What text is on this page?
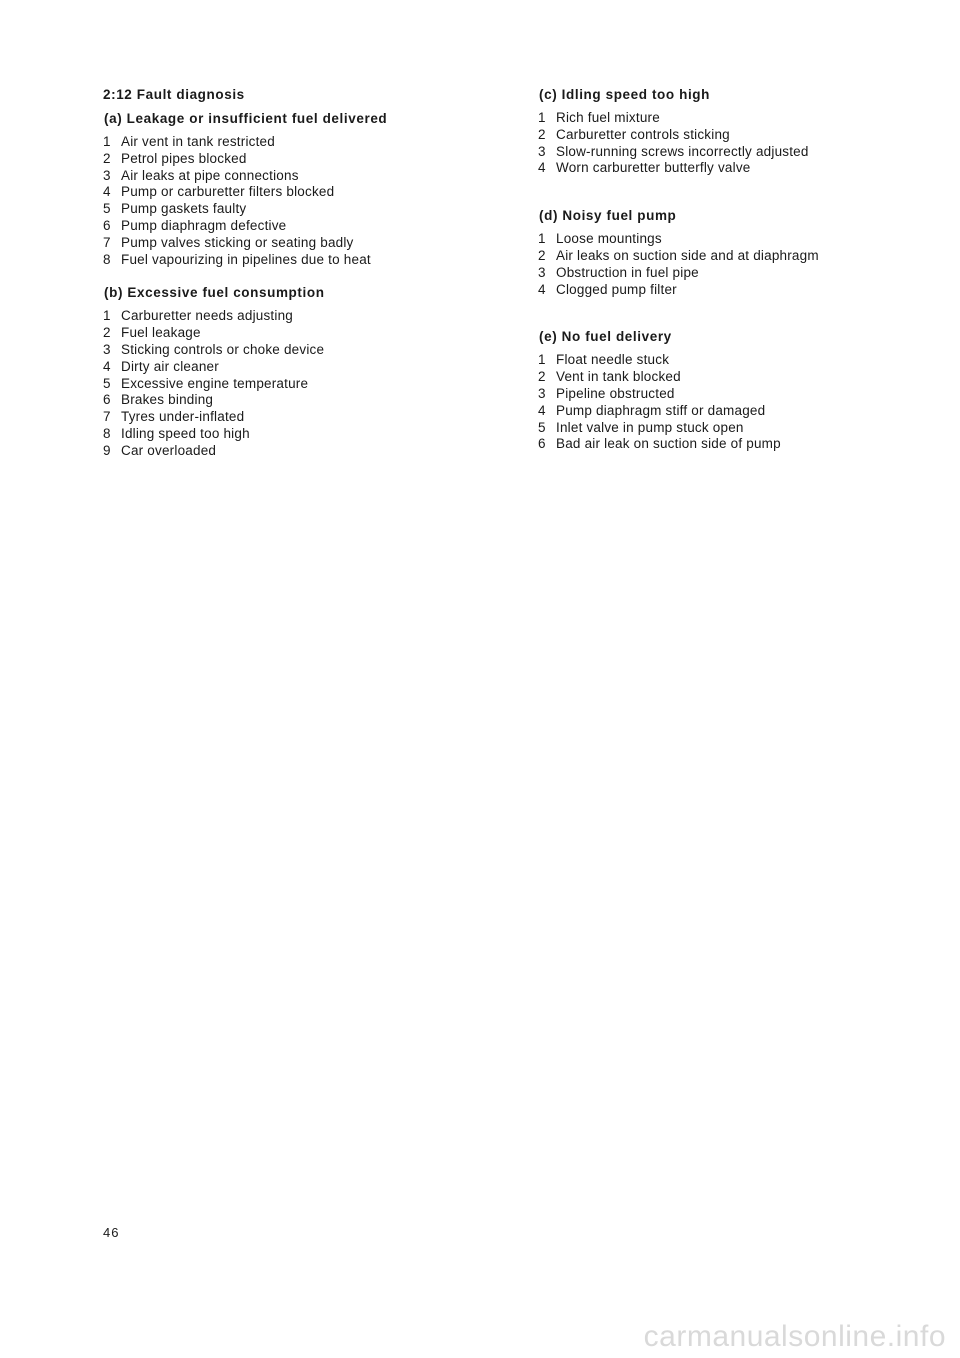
2:12 Fault diagnosis
(a) Leakage or insufficient fuel delivered
1 Air vent in tank restricted
2 Petrol pipes blocked
3 Air leaks at pipe connections
4 Pump or carburetter filters blocked
5 Pump gaskets faulty
6 Pump diaphragm defective
7 Pump valves sticking or seating badly
8 Fuel vapourizing in pipelines due to heat
(b) Excessive fuel consumption
1 Carburetter needs adjusting
2 Fuel leakage
3 Sticking controls or choke device
4 Dirty air cleaner
5 Excessive engine temperature
6 Brakes binding
7 Tyres under-inflated
8 Idling speed too high
9 Car overloaded
(c) Idling speed too high
1 Rich fuel mixture
2 Carburetter controls sticking
3 Slow-running screws incorrectly adjusted
4 Worn carburetter butterfly valve
(d) Noisy fuel pump
1 Loose mountings
2 Air leaks on suction side and at diaphragm
3 Obstruction in fuel pipe
4 Clogged pump filter
(e) No fuel delivery
1 Float needle stuck
2 Vent in tank blocked
3 Pipeline obstructed
4 Pump diaphragm stiff or damaged
5 Inlet valve in pump stuck open
6 Bad air leak on suction side of pump
46
carmanualsonline.info
